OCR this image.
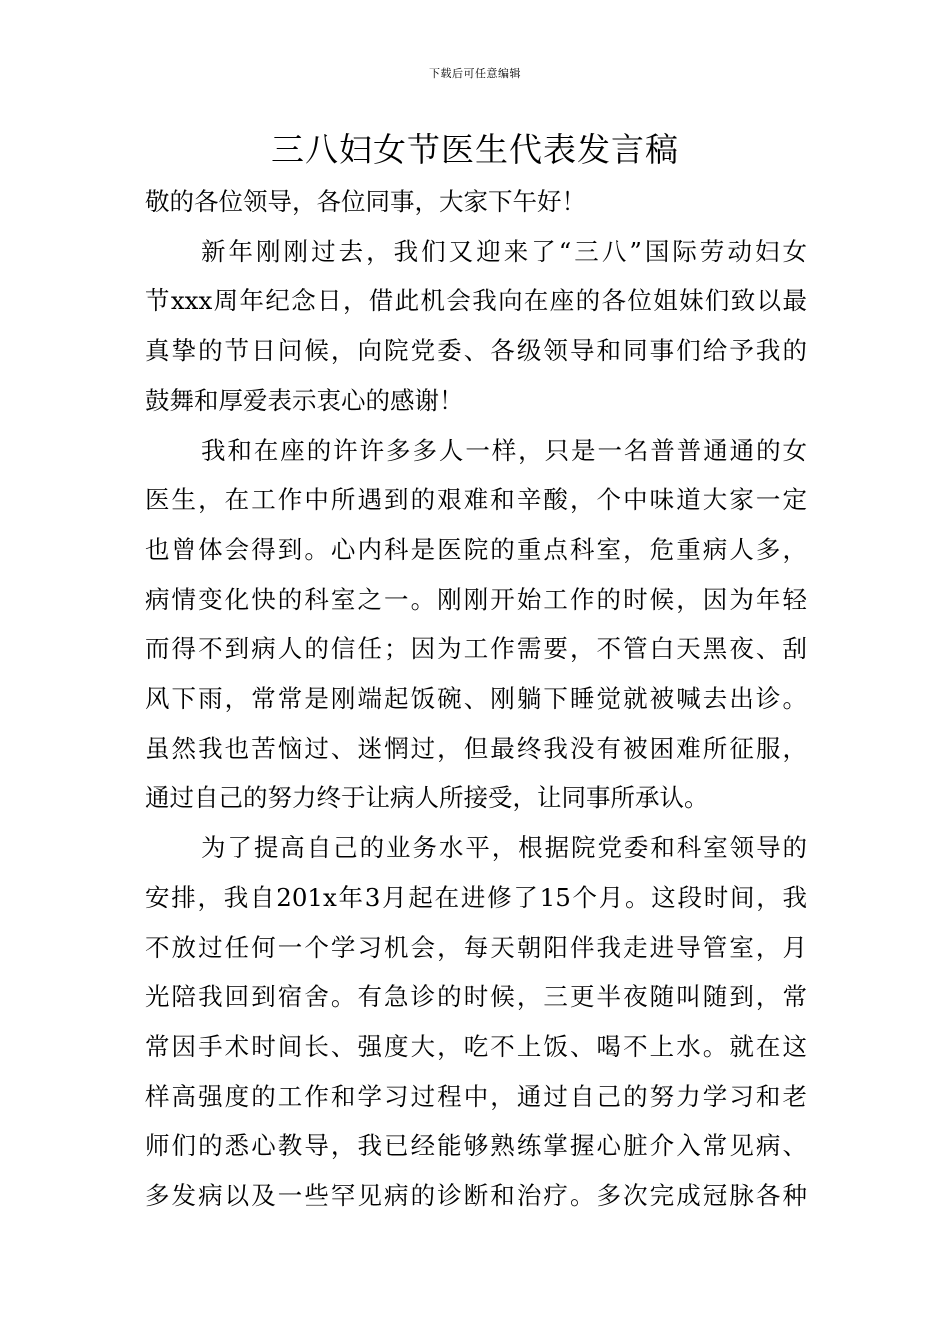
下载后可任意编辑
三八妇女节医生代表发言稿
敬的各位领导，各位同事，大家下午好！
新年刚刚过去，我们又迎来了“三八”国际劳动妇女
节xxx周年纪念日，借此机会我向在座的各位姐妹们致以最
真挚的节日问候，向院党委、各级领导和同事们给予我的
鼓舞和厚爱表示衷心的感谢！
我和在座的许许多多人一样，只是一名普普通通的女
医生，在工作中所遇到的艰难和辛酸，个中味道大家一定
也曾体会得到。心内科是医院的重点科室，危重病人多，
病情变化快的科室之一。刚刚开始工作的时候，因为年轻
而得不到病人的信任；因为工作需要，不管白天黑夜、刮
风下雨，常常是刚端起饭碗、刚躺下睡觉就被喊去出诊。
虽然我也苦恼过、迷惘过，但最终我没有被困难所征服，
通过自己的努力终于让病人所接受，让同事所承认。
为了提高自己的业务水平，根据院党委和科室领导的
安排，我自201x年3月起在进修了15个月。这段时间，我
不放过任何一个学习机会，每天朝阳伴我走进导管室，月
光陪我回到宿舍。有急诊的时候，三更半夜随叫随到，常
常因手术时间长、强度大，吃不上饭、喝不上水。就在这
样高强度的工作和学习过程中，通过自己的努力学习和老
师们的悉心教导，我已经能够熟练掌握心脏介入常见病、
多发病以及一些罕见病的诊断和治疗。多次完成冠脉各种
